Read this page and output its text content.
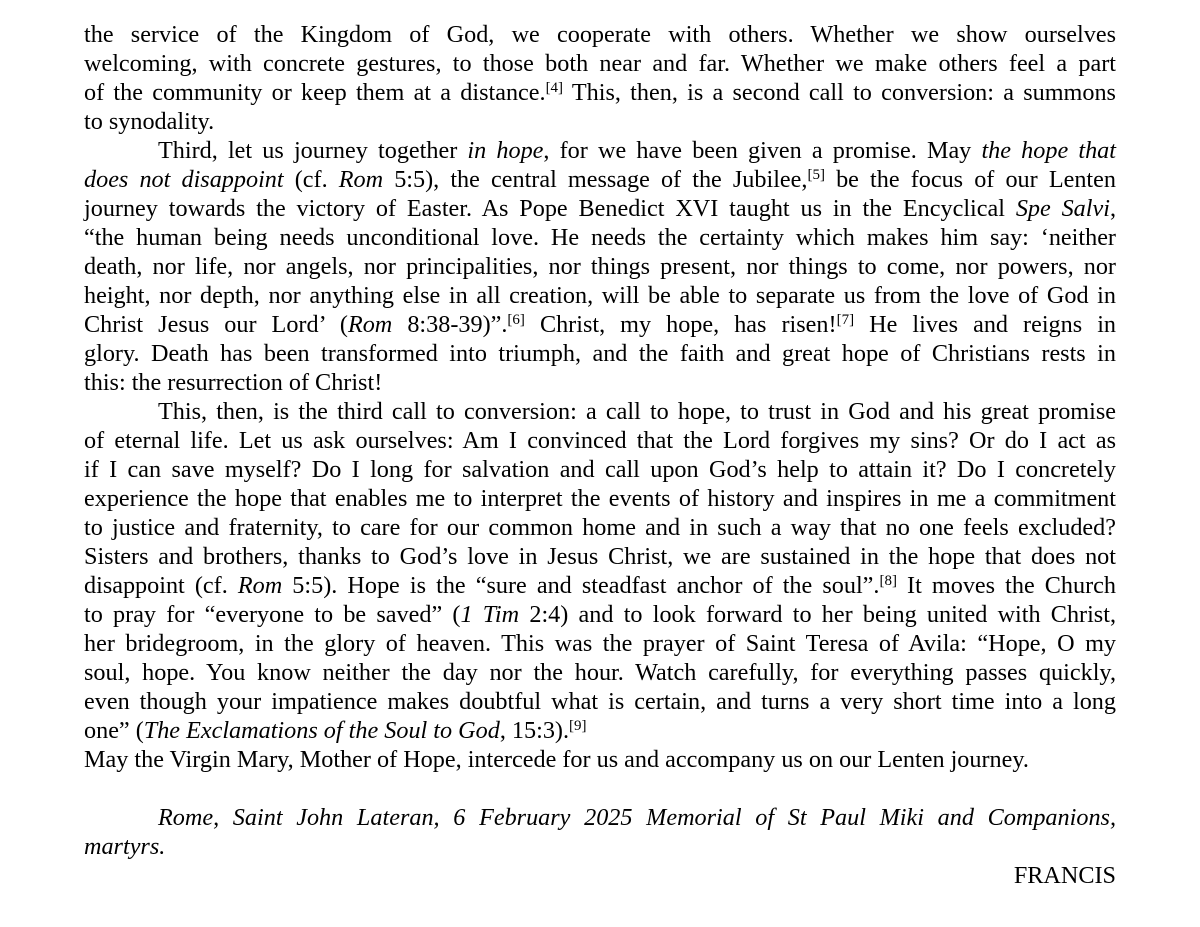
the service of the Kingdom of God, we cooperate with others. Whether we show ourselves
welcoming, with concrete gestures, to those both near and far. Whether we make others feel a part
of the community or keep them at a distance.[4] This, then, is a second call to conversion: a summons
to synodality.
Third, let us journey together in hope, for we have been given a promise. May the hope that
does not disappoint (cf. Rom 5:5), the central message of the Jubilee,[5] be the focus of our Lenten
journey towards the victory of Easter. As Pope Benedict XVI taught us in the Encyclical Spe Salvi,
“the human being needs unconditional love. He needs the certainty which makes him say: ‘neither
death, nor life, nor angels, nor principalities, nor things present, nor things to come, nor powers, nor
height, nor depth, nor anything else in all creation, will be able to separate us from the love of God in
Christ Jesus our Lord’ (Rom 8:38-39)”.[6] Christ, my hope, has risen![7] He lives and reigns in
glory. Death has been transformed into triumph, and the faith and great hope of Christians rests in
this: the resurrection of Christ!
This, then, is the third call to conversion: a call to hope, to trust in God and his great promise
of eternal life. Let us ask ourselves: Am I convinced that the Lord forgives my sins? Or do I act as
if I can save myself? Do I long for salvation and call upon God’s help to attain it? Do I concretely
experience the hope that enables me to interpret the events of history and inspires in me a commitment
to justice and fraternity, to care for our common home and in such a way that no one feels excluded?
Sisters and brothers, thanks to God’s love in Jesus Christ, we are sustained in the hope that does not
disappoint (cf. Rom 5:5). Hope is the “sure and steadfast anchor of the soul”.[8] It moves the Church
to pray for “everyone to be saved” (1 Tim 2:4) and to look forward to her being united with Christ,
her bridegroom, in the glory of heaven. This was the prayer of Saint Teresa of Avila: “Hope, O my
soul, hope. You know neither the day nor the hour. Watch carefully, for everything passes quickly,
even though your impatience makes doubtful what is certain, and turns a very short time into a long
one” (The Exclamations of the Soul to God, 15:3).[9]
May the Virgin Mary, Mother of Hope, intercede for us and accompany us on our Lenten journey.
Rome, Saint John Lateran, 6 February 2025 Memorial of St Paul Miki and Companions,
martyrs.
FRANCIS
